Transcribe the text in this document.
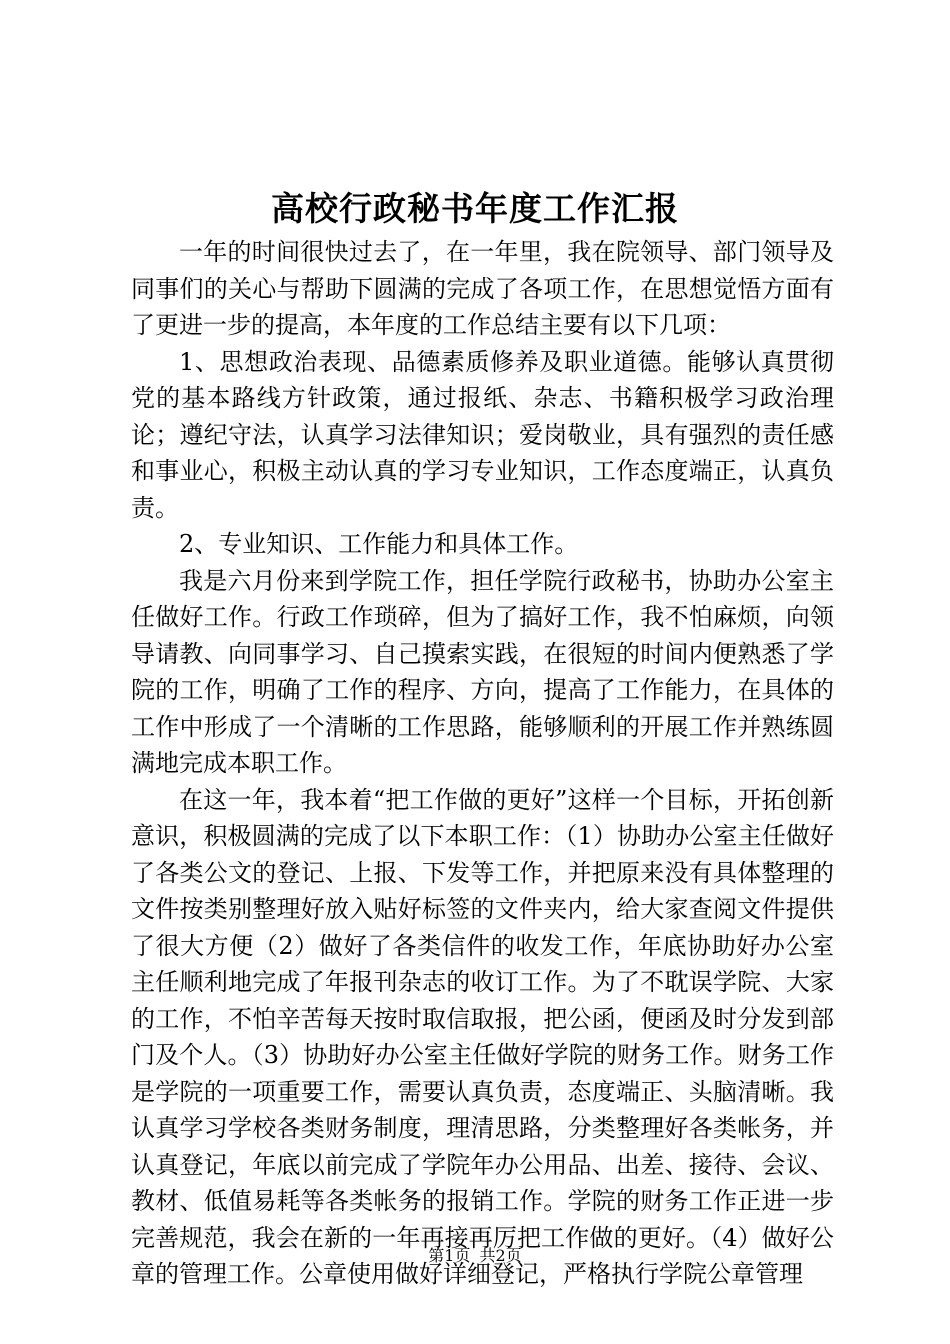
高校行政秘书年度工作汇报

一年的时间很快过去了，在一年里，我在院领导、部门领导及同事们的关心与帮助下圆满的完成了各项工作，在思想觉悟方面有了更进一步的提高，本年度的工作总结主要有以下几项：

1、思想政治表现、品德素质修养及职业道德。能够认真贯彻党的基本路线方针政策，通过报纸、杂志、书籍积极学习政治理论；遵纪守法，认真学习法律知识；爱岗敬业，具有强烈的责任感和事业心，积极主动认真的学习专业知识，工作态度端正，认真负责。

2、专业知识、工作能力和具体工作。

我是六月份来到学院工作，担任学院行政秘书，协助办公室主任做好工作。行政工作琐碎，但为了搞好工作，我不怕麻烦，向领导请教、向同事学习、自己摸索实践，在很短的时间内便熟悉了学院的工作，明确了工作的程序、方向，提高了工作能力，在具体的工作中形成了一个清晰的工作思路，能够顺利的开展工作并熟练圆满地完成本职工作。

在这一年，我本着“把工作做的更好”这样一个目标，开拓创新意识，积极圆满的完成了以下本职工作：（1）协助办公室主任做好了各类公文的登记、上报、下发等工作，并把原来没有具体整理的文件按类别整理好放入贴好标签的文件夹内，给大家查阅文件提供了很大方便（2）做好了各类信件的收发工作，年底协助好办公室主任顺利地完成了年报刊杂志的收订工作。为了不耽误学院、大家的工作，不怕辛苦每天按时取信取报，把公函，便函及时分发到部门及个人。（3）协助好办公室主任做好学院的财务工作。财务工作是学院的一项重要工作，需要认真负责，态度端正、头脑清晰。我认真学习学校各类财务制度，理清思路，分类整理好各类帐务，并认真登记，年底以前完成了学院年办公用品、出差、接待、会议、教材、低值易耗等各类帐务的报销工作。学院的财务工作正进一步完善规范，我会在新的一年再接再厉把工作做的更好。（4）做好公章的管理工作。公章使用做好详细登记，严格执行学院公章管理

第1页 共2页
